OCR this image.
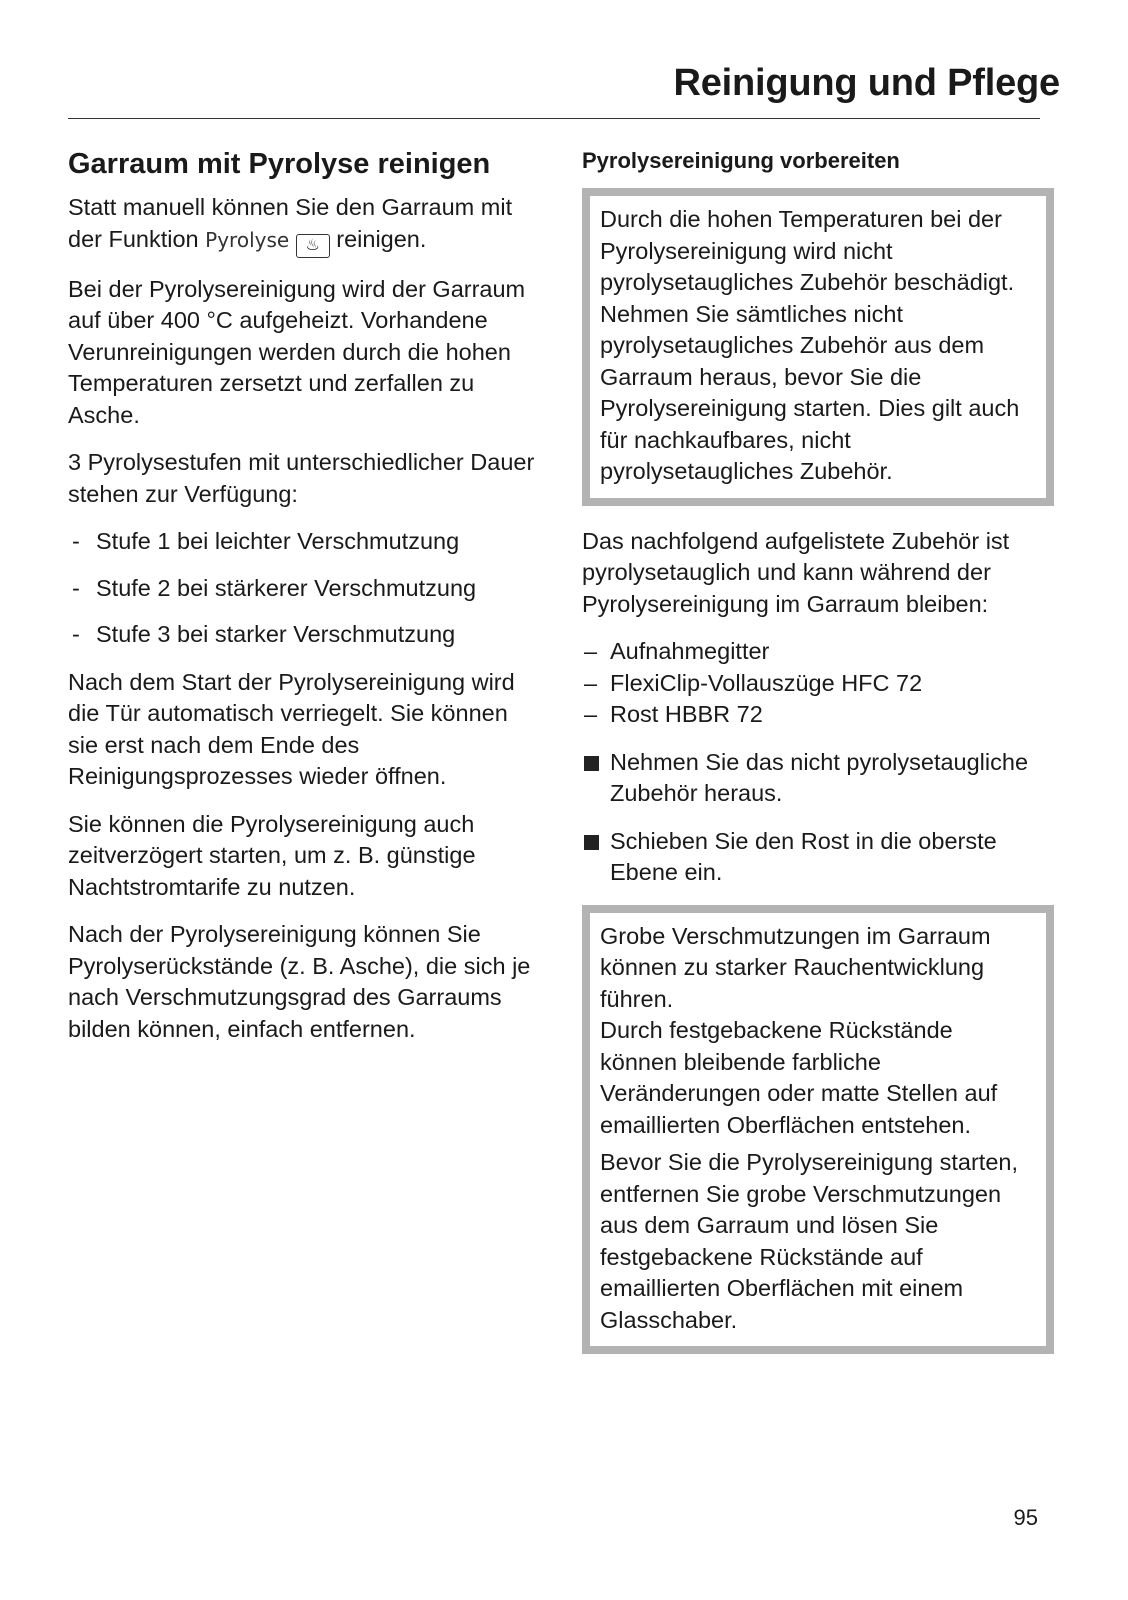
Reinigung und Pflege
Garraum mit Pyrolyse reinigen

Statt manuell können Sie den Garraum mit der Funktion Pyrolyse ♨ reinigen.

Bei der Pyrolysereinigung wird der Garraum auf über 400 °C aufgeheizt. Vorhandene Verunreinigungen werden durch die hohen Temperaturen zersetzt und zerfallen zu Asche.

3 Pyrolysestufen mit unterschiedlicher Dauer stehen zur Verfügung:

- Stufe 1 bei leichter Verschmutzung
- Stufe 2 bei stärkerer Verschmutzung
- Stufe 3 bei starker Verschmutzung

Nach dem Start der Pyrolysereinigung wird die Tür automatisch verriegelt. Sie können sie erst nach dem Ende des Reinigungsprozesses wieder öffnen.

Sie können die Pyrolysereinigung auch zeitverzögert starten, um z. B. günstige Nachtstromtarife zu nutzen.

Nach der Pyrolysereinigung können Sie Pyrolyserückstände (z. B. Asche), die sich je nach Verschmutzungsgrad des Garraums bilden können, einfach entfernen.

Pyrolysereinigung vorbereiten

Durch die hohen Temperaturen bei der Pyrolysereinigung wird nicht pyrolysetaugliches Zubehör beschädigt.

Nehmen Sie sämtliches nicht pyrolysetaugliches Zubehör aus dem Garraum heraus, bevor Sie die Pyrolysereinigung starten. Dies gilt auch für nachkaufbares, nicht pyrolysetaugliches Zubehör.

Das nachfolgend aufgelistete Zubehör ist pyrolysetauglich und kann während der Pyrolysereinigung im Garraum bleiben:

– Aufnahmegitter
– FlexiClip-Vollauszüge HFC 72
– Rost HBBR 72
Nehmen Sie das nicht pyrolysetaugliche Zubehör heraus.
Schieben Sie den Rost in die oberste Ebene ein.

Grobe Verschmutzungen im Garraum können zu starker Rauchentwicklung führen.

Durch festgebackene Rückstände können bleibende farbliche Veränderungen oder matte Stellen auf emaillierten Oberflächen entstehen.

Bevor Sie die Pyrolysereinigung starten, entfernen Sie grobe Verschmutzungen aus dem Garraum und lösen Sie festgebackene Rückstände auf emaillierten Oberflächen mit einem Glasschaber.

95
